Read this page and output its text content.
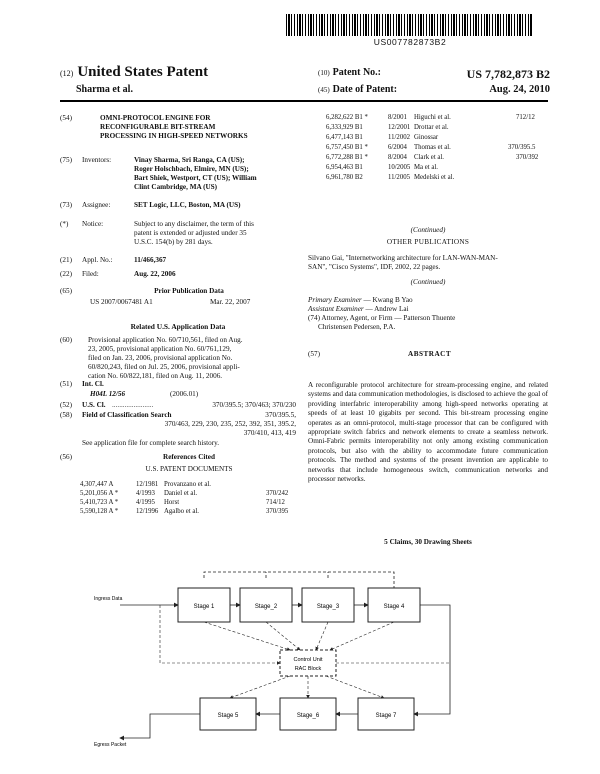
US007782873B2
(12) United States Patent
Sharma et al.
(10) Patent No.:	US 7,782,873 B2
(45) Date of Patent:	Aug. 24, 2010
(54)	OMNI-PROTOCOL ENGINE FOR
RECONFIGURABLE BIT-STREAM
PROCESSING IN HIGH-SPEED NETWORKS
(75)	Inventors:	Vinay Sharma, Sri Ranga, CA (US);
Roger Holschbach, Elmire, MN (US);
Bart Shiek, Westport, CT (US); William
Clint Cambridge, MA (US)
(73)	Assignee:	SET Logic, LLC, Boston, MA (US)
(*)	Notice:	Subject to any disclaimer, the term of this
patent is extended or adjusted under 35
U.S.C. 154(b) by 281 days.
(21)	Appl. No.:	11/466,367
(22)	Filed:	Aug. 22, 2006
(65)	Prior Publication Data
US 2007/0067481 A1	Mar. 22, 2007
Related U.S. Application Data
(60)	Provisional application No. 60/710,561, filed on Aug.
23, 2005, provisional application No. 60/761,129,
filed on Jan. 23, 2006, provisional application No.
60/820,243, filed on Jul. 25, 2006, provisional appli-
cation No. 60/822,181, filed on Aug. 11, 2006.
(51)	Int. Cl.
H04L 12/56	(2006.01)
(52)	U.S. Cl. .......................	370/395.5; 370/463; 370/230
(58)	Field of Classification Search	370/395.5,
370/463, 229, 230, 235, 252, 392, 351, 395.2,
370/410, 413, 419
See application file for complete search history.
(56)	References Cited
U.S. PATENT DOCUMENTS
4,307,447 A	12/1981 Provanzano et al.
5,201,056 A *	4/1993 Daniel et al.	370/242
5,410,723 A *	4/1995 Horst	714/12
5,590,128 A *	12/1996 Agalbo et al.	370/395
6,282,622 B1 *	8/2001 Higuchi et al.	712/12
6,333,929 B1	12/2001 Drottar et al.
6,477,143 B1	11/2002 Ginossar
6,757,450 B1 *	6/2004 Thomas et al.	370/395.5
6,772,288 B1 *	8/2004 Clark et al.	370/392
6,954,463 B1	10/2005 Ma et al.
6,961,780 B2	11/2005 Medelski et al.
(Continued)
OTHER PUBLICATIONS
Silvano Gai, "Internetworking architecture for LAN-WAN-MAN-
SAN", "Cisco Systems", IDF, 2002, 22 pages.
(Continued)
Primary Examiner — Kwang B Yao
Assistant Examiner — Andrew Lai
(74) Attorney, Agent, or Firm — Patterson Thuente
Christensen Pedersen, P.A.
(57)	ABSTRACT
A reconfigurable protocol architecture for stream-processing engine, and related systems and data communication methodologies, is disclosed to achieve the goal of providing interfabric interoperability among high-speed networks operating at speeds of at least 10 gigabits per second. This bit-stream processing engine operates as an omni-protocol, multi-stage processor that can be configured with appropriate switch fabrics and network elements to create a seamless network. Omni-Fabric permits interoperability not only among existing communication protocols, but also with the ability to accommodate future communication protocols. The method and systems of the present invention are applicable to networks that include homogeneous switch, communication networks and processor networks.
5 Claims, 30 Drawing Sheets
Stage 1	Stage_2	Stage_3	Stage 4
Stage 5	Stage_6	Stage 7
Control Unit
RAC Block
Ingress Data
Egress Packet
